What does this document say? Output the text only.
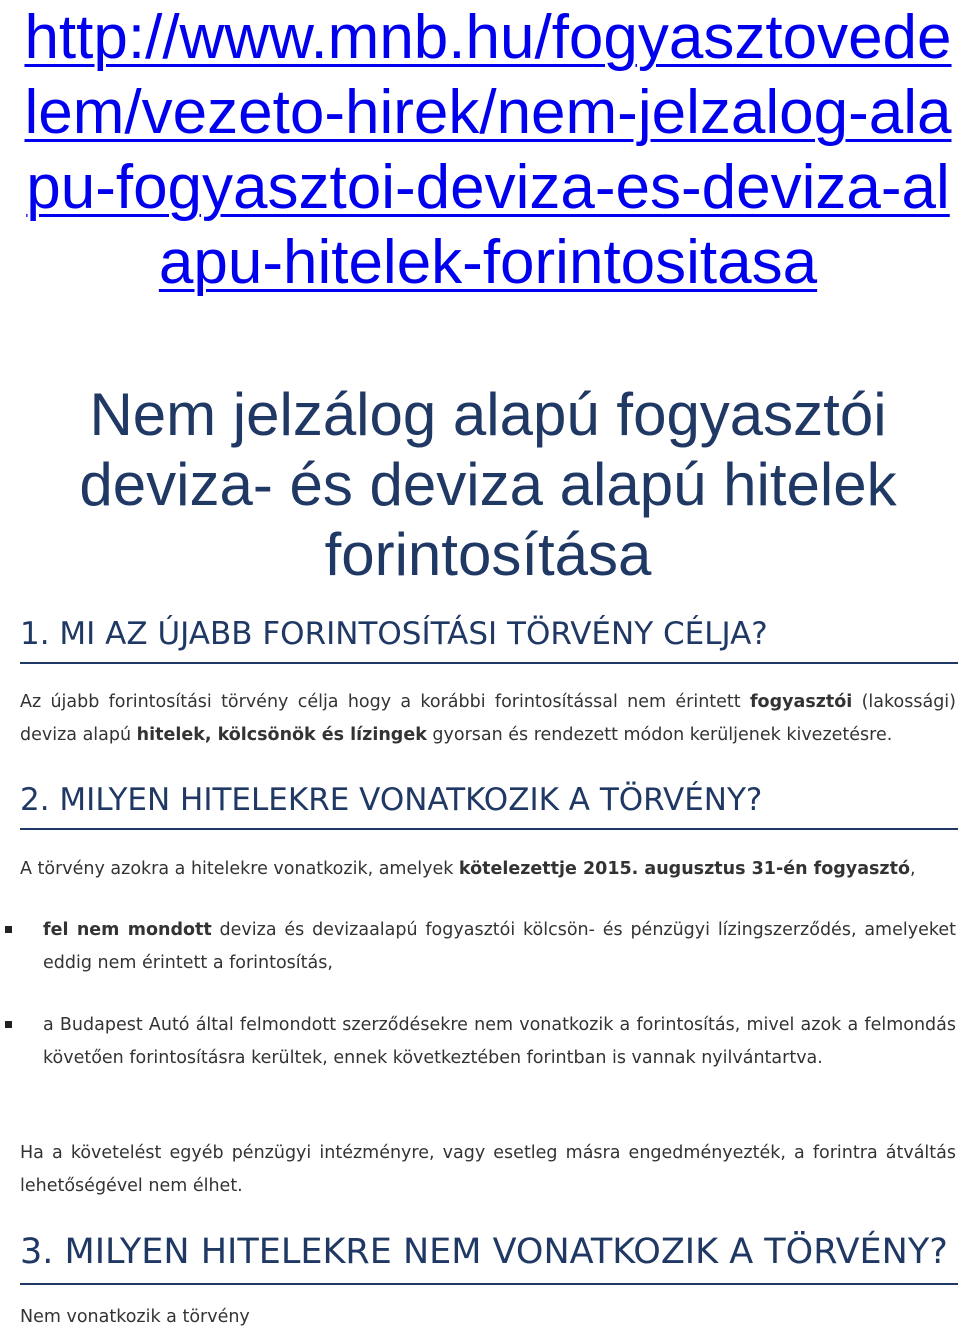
http://www.mnb.hu/fogyasztovedelem/vezeto-hirek/nem-jelzalog-alapu-fogyasztoi-deviza-es-deviza-alapu-hitelek-forintositasa
Nem jelzálog alapú fogyasztói deviza- és deviza alapú hitelek forintosítása
1. MI AZ ÚJABB FORINTOSÍTÁSI TÖRVÉNY CÉLJA?

Az újabb forintosítási törvény célja hogy a korábbi forintosítással nem érintett fogyasztói (lakossági) deviza alapú hitelek, kölcsönök és lízingek gyorsan és rendezett módon kerüljenek kivezetésre.

2. MILYEN HITELEKRE VONATKOZIK A TÖRVÉNY?

A törvény azokra a hitelekre vonatkozik, amelyek kötelezettje 2015. augusztus 31-én fogyasztó,

fel nem mondott deviza és devizaalapú fogyasztói kölcsön- és pénzügyi lízingszerződés, amelyeket eddig nem érintett a forintosítás,

a Budapest Autó által felmondott szerződésekre nem vonatkozik a forintosítás, mivel azok a felmondás követően forintosításra kerültek, ennek következtében forintban is vannak nyilvántartva.

Ha a követelést egyéb pénzügyi intézményre, vagy esetleg másra engedményezték, a forintra átváltás lehetőségével nem élhet.

3. MILYEN HITELEKRE NEM VONATKOZIK A TÖRVÉNY?

Nem vonatkozik a törvény
